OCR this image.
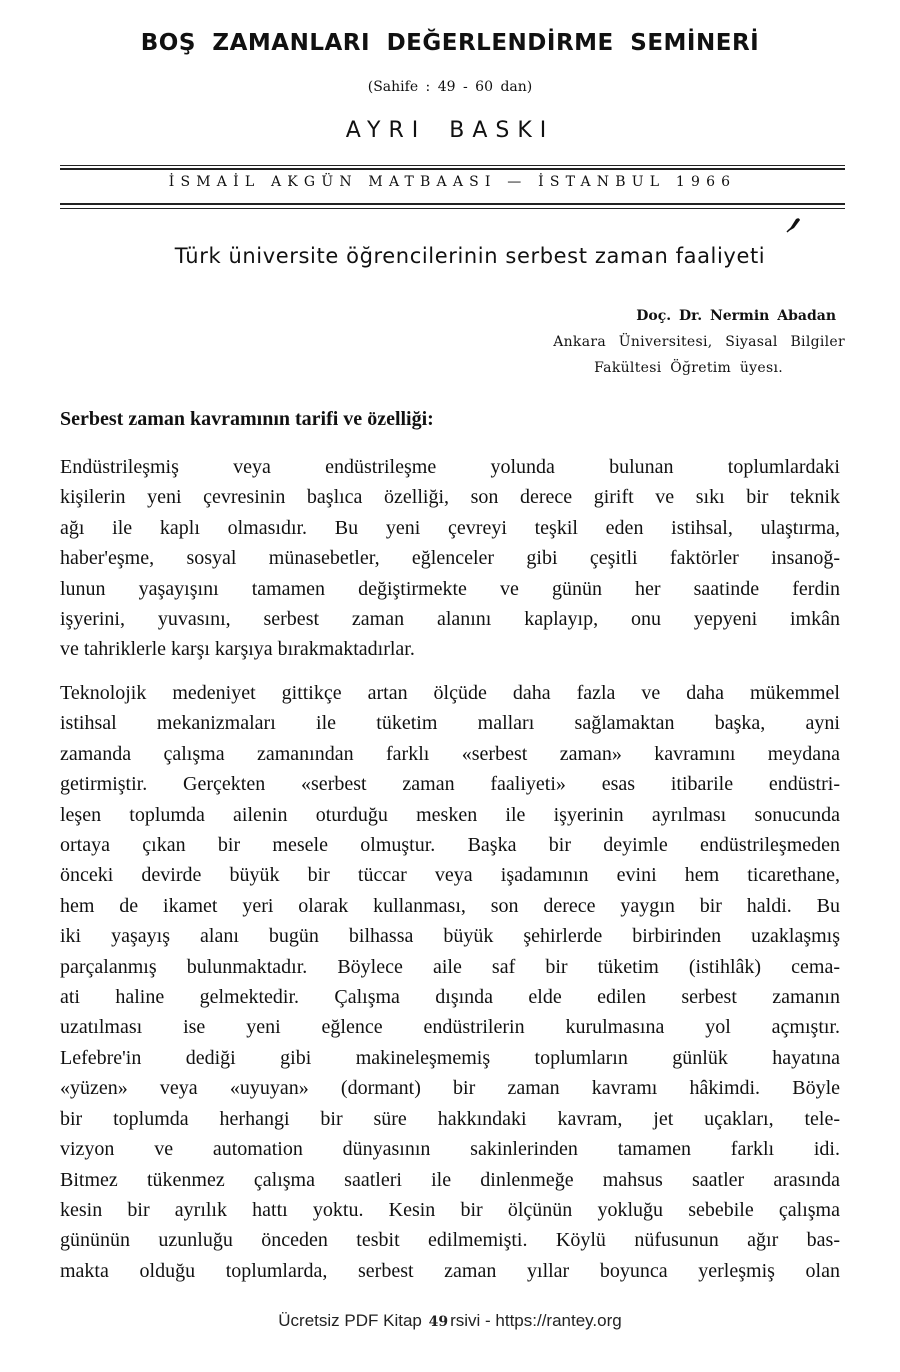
BOŞ ZAMANLARI DEĞERLENDİRME SEMİNERİ
(Sahife : 49 - 60 dan)
AYRI BASKI
İSMAİL AKGÜN MATBAASI — İSTANBUL 1966
Türk üniversite öğrencilerinin serbest zaman faaliyeti
Doç. Dr. Nermin Abadan
Ankara Üniversitesi, Siyasal Bilgiler
Fakültesi Öğretim üyesı.
Serbest zaman kavramının tarifi ve özelliği:
Endüstrileşmiş veya endüstrileşme yolunda bulunan toplumlardaki
kişilerin yeni çevresinin başlıca özelliği, son derece girift ve sıkı bir teknik
ağı ile kaplı olmasıdır. Bu yeni çevreyi teşkil eden istihsal, ulaştırma,
haber'eşme, sosyal münasebetler, eğlenceler gibi çeşitli faktörler insanoğ-
lunun yaşayışını tamamen değiştirmekte ve günün her saatinde ferdin
işyerini, yuvasını, serbest zaman alanını kaplayıp, onu yepyeni imkân
ve tahriklerle karşı karşıya bırakmaktadırlar.
Teknolojik medeniyet gittikçe artan ölçüde daha fazla ve daha mükemmel
istihsal mekanizmaları ile tüketim malları sağlamaktan başka, ayni
zamanda çalışma zamanından farklı «serbest zaman» kavramını meydana
getirmiştir. Gerçekten «serbest zaman faaliyeti» esas itibarile endüstri-
leşen toplumda ailenin oturduğu mesken ile işyerinin ayrılması sonucunda
ortaya çıkan bir mesele olmuştur. Başka bir deyimle endüstrileşmeden
önceki devirde büyük bir tüccar veya işadamının evini hem ticarethane,
hem de ikamet yeri olarak kullanması, son derece yaygın bir haldi. Bu
iki yaşayış alanı bugün bilhassa büyük şehirlerde birbirinden uzaklaşmış
parçalanmış bulunmaktadır. Böylece aile saf bir tüketim (istihlâk) cema-
ati haline gelmektedir. Çalışma dışında elde edilen serbest zamanın
uzatılması ise yeni eğlence endüstrilerin kurulmasına yol açmıştır.
Lefebre'in dediği gibi makineleşmemiş toplumların günlük hayatına
«yüzen» veya «uyuyan» (dormant) bir zaman kavramı hâkimdi. Böyle
bir toplumda herhangi bir süre hakkındaki kavram, jet uçakları, tele-
vizyon ve automation dünyasının sakinlerinden tamamen farklı idi.
Bitmez tükenmez çalışma saatleri ile dinlenmeğe mahsus saatler arasında
kesin bir ayrılık hattı yoktu. Kesin bir ölçünün yokluğu sebebile çalışma
gününün uzunluğu önceden tesbit edilmemişti. Köylü nüfusunun ağır bas-
makta olduğu toplumlarda, serbest zaman yıllar boyunca yerleşmiş olan
Ücretsiz PDF Kitap 49 rsivi - https://rantey.org
